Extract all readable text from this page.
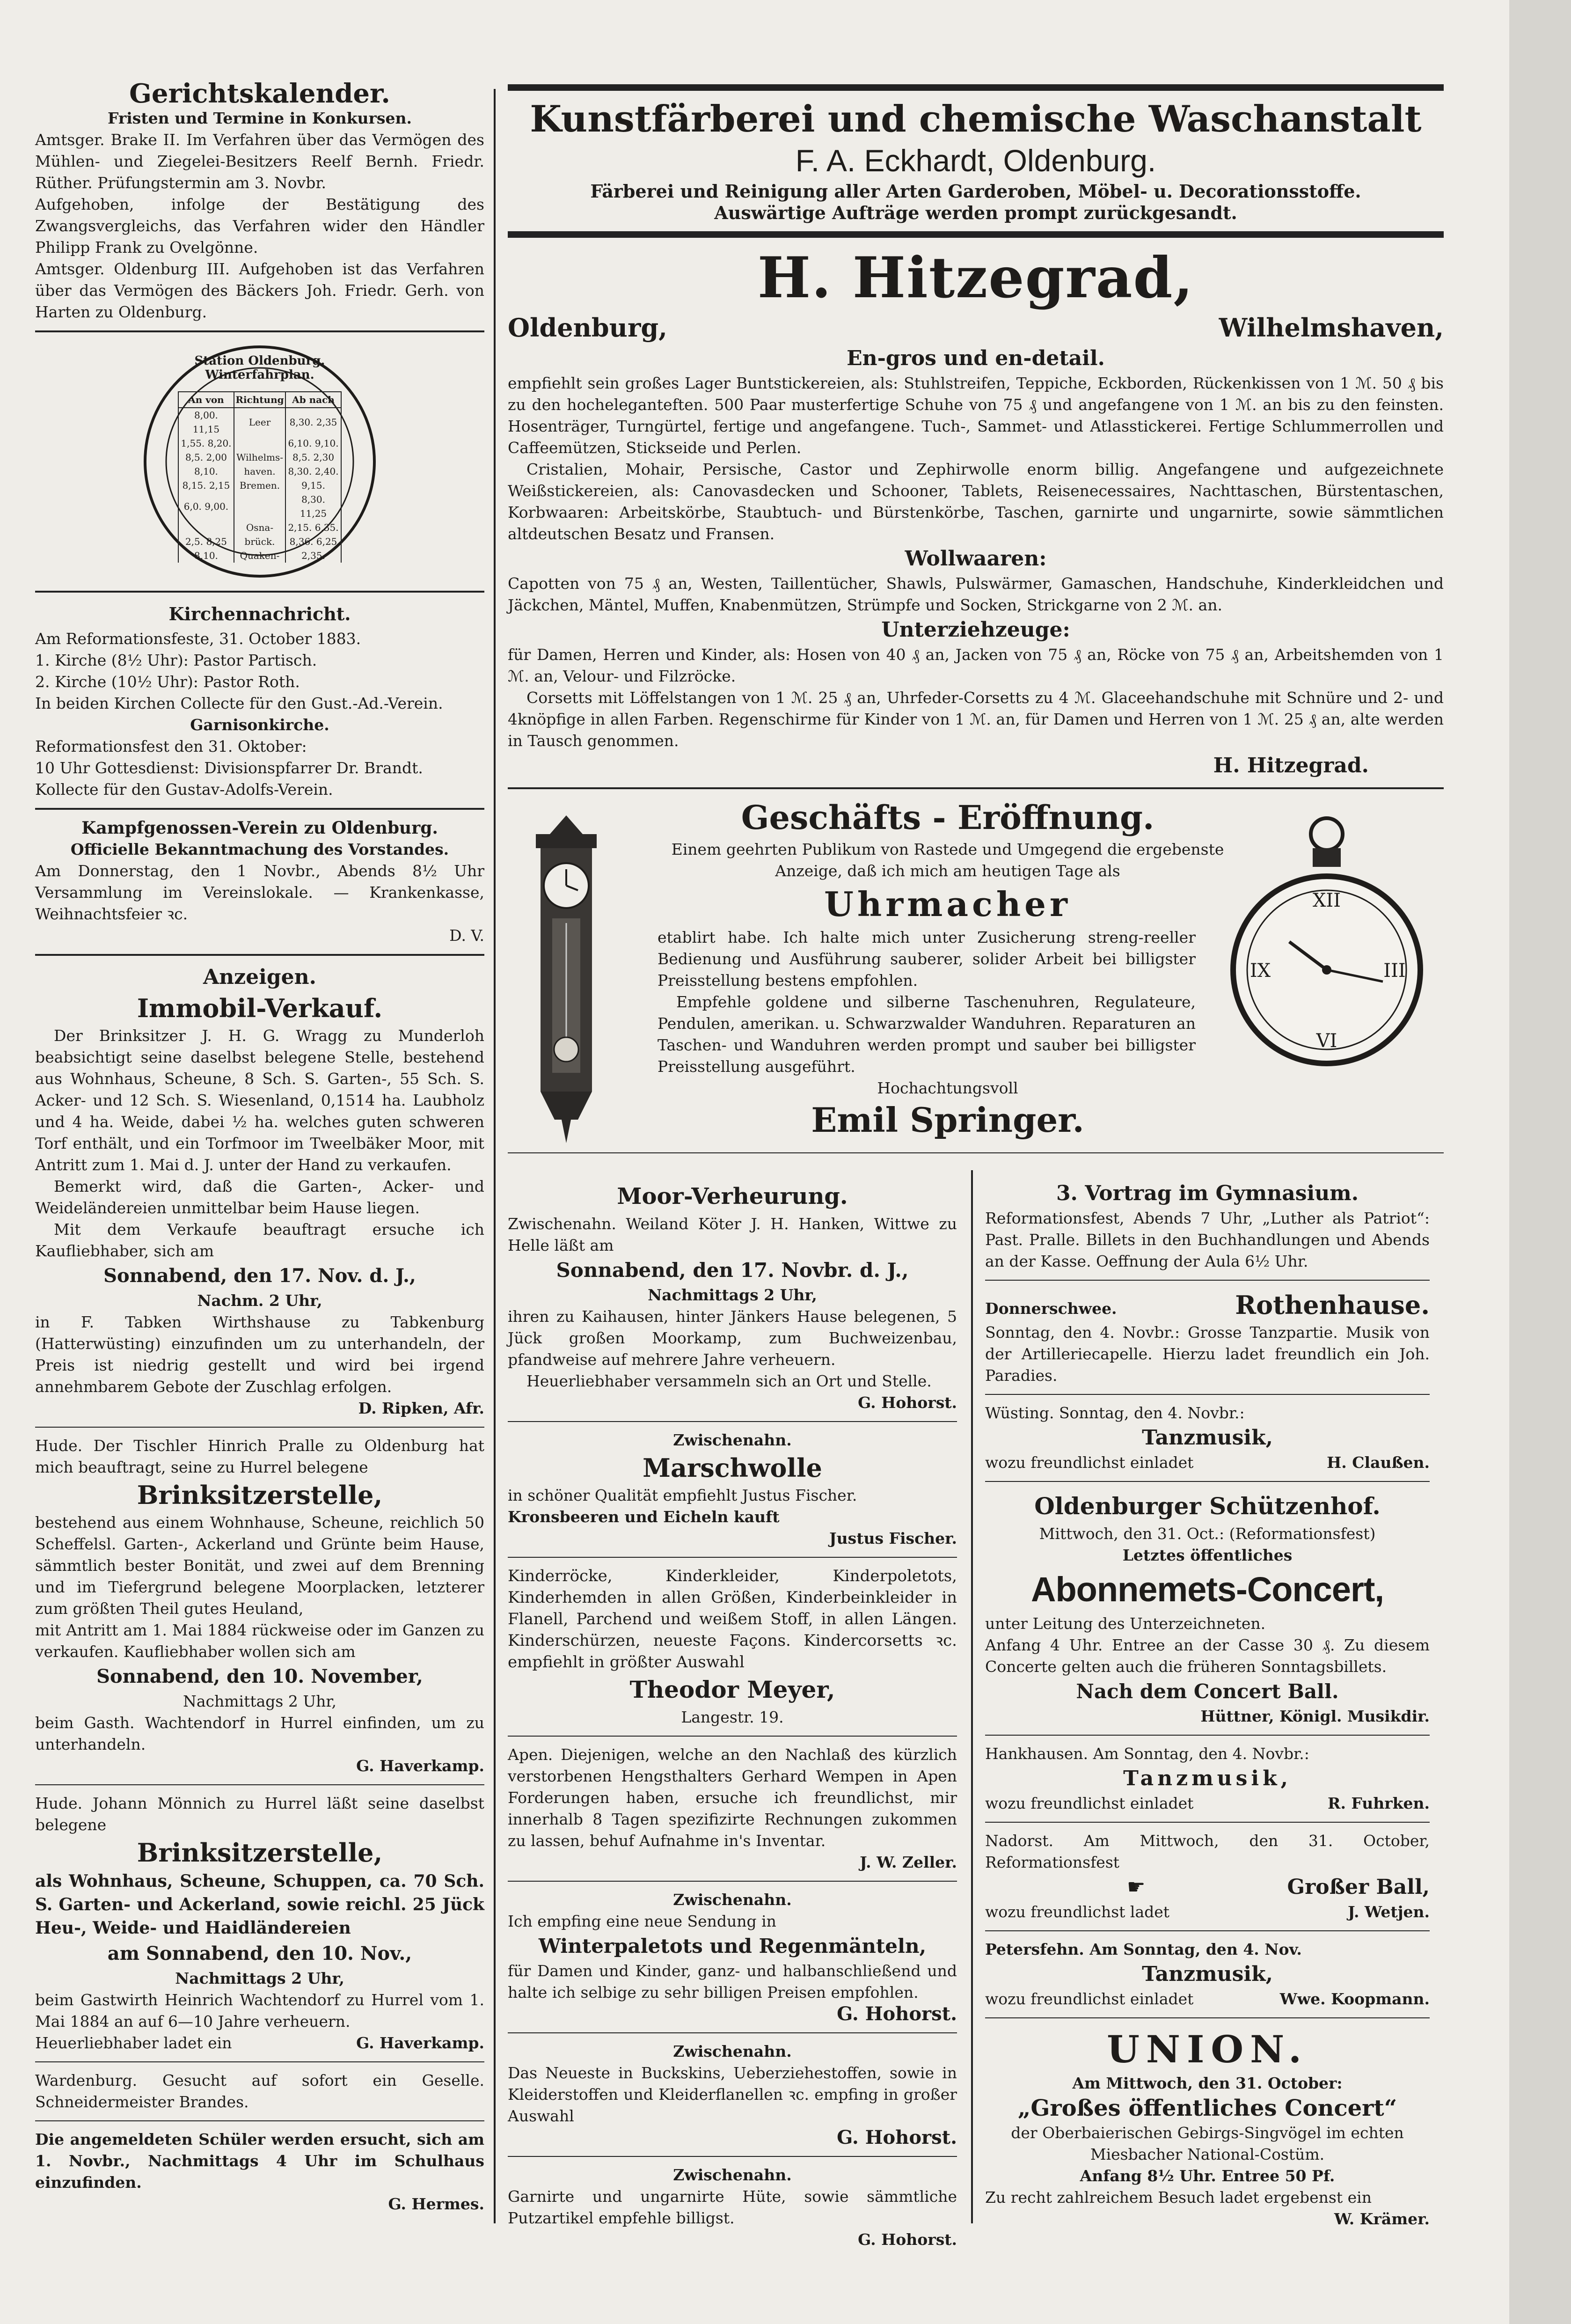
Gerichtskalender.

Fristen und Termine in Konkursen.

Amtsger. Brake II. Im Verfahren über das Vermögen des Mühlen- und Ziegelei-Besitzers Reelf Bernh. Friedr. Rüther. Prüfungstermin am 3. Novbr.

Aufgehoben, infolge der Bestätigung des Zwangsvergleichs, das Verfahren wider den Händler Philipp Frank zu Ovelgönne.

Amtsger. Oldenburg III. Aufgehoben ist das Verfahren über das Vermögen des Bäckers Joh. Friedr. Gerh. von Harten zu Oldenburg.

Station Oldenburg. Winterfahrplan.
An von	Richtung	Ab nach
8,00. 11,15	Leer	8,30. 2,35
1,55. 8,20.		6,10. 9,10.
8,5. 2,00	Wilhelms-	8,5. 2,30
8,10.	haven.	8,30. 2,40.
8,15. 2,15	Bremen.	9,15.
6,0. 9,00.		8,30. 11,25
	Osna-	2,15. 6,35.
2,5. 8,25	brück.	8,36. 6,25
8,10.	Quaken-	2,35.

Kirchennachricht.

Am Reformationsfeste, 31. October 1883.

1. Kirche (8½ Uhr): Pastor Partisch.

2. Kirche (10½ Uhr): Pastor Roth.

In beiden Kirchen Collecte für den Gust.-Ad.-Verein.

Garnisonkirche.

Reformationsfest den 31. Oktober:

10 Uhr Gottesdienst: Divisionspfarrer Dr. Brandt.

Kollecte für den Gustav-Adolfs-Verein.

Kampfgenossen-Verein zu Oldenburg.

Officielle Bekanntmachung des Vorstandes.

Am Donnerstag, den 1 Novbr., Abends 8½ Uhr Versammlung im Vereinslokale. — Krankenkasse, Weihnachtsfeier ꝛc.

D. V.

Anzeigen.

Immobil-Verkauf.

Der Brinksitzer J. H. G. Wragg zu Munderloh beabsichtigt seine daselbst belegene Stelle, bestehend aus Wohnhaus, Scheune, 8 Sch. S. Garten-, 55 Sch. S. Acker- und 12 Sch. S. Wiesenland, 0,1514 ha. Laubholz und 4 ha. Weide, dabei ½ ha. welches guten schweren Torf enthält, und ein Torfmoor im Tweelbäker Moor, mit Antritt zum 1. Mai d. J. unter der Hand zu verkaufen.

Bemerkt wird, daß die Garten-, Acker- und Weideländereien unmittelbar beim Hause liegen.

Mit dem Verkaufe beauftragt ersuche ich Kaufliebhaber, sich am

Sonnabend, den 17. Nov. d. J.,

Nachm. 2 Uhr,

in F. Tabken Wirthshause zu Tabkenburg (Hatterwüsting) einzufinden um zu unterhandeln, der Preis ist niedrig gestellt und wird bei irgend annehmbarem Gebote der Zuschlag erfolgen.

D. Ripken, Afr.

Hude. Der Tischler Hinrich Pralle zu Oldenburg hat mich beauftragt, seine zu Hurrel belegene

Brinksitzerstelle,

bestehend aus einem Wohnhause, Scheune, reichlich 50 Scheffelsl. Garten-, Ackerland und Grünte beim Hause, sämmtlich bester Bonität, und zwei auf dem Brenning und im Tiefergrund belegene Moorplacken, letzterer zum größten Theil gutes Heuland,

mit Antritt am 1. Mai 1884 rückweise oder im Ganzen zu verkaufen. Kaufliebhaber wollen sich am

Sonnabend, den 10. November,

Nachmittags 2 Uhr,

beim Gasth. Wachtendorf in Hurrel einfinden, um zu unterhandeln.

G. Haverkamp.

Hude. Johann Mönnich zu Hurrel läßt seine daselbst belegene

Brinksitzerstelle,

als Wohnhaus, Scheune, Schuppen, ca. 70 Sch. S. Garten- und Ackerland, sowie reichl. 25 Jück Heu-, Weide- und Haidländereien

am Sonnabend, den 10. Nov.,

Nachmittags 2 Uhr,

beim Gastwirth Heinrich Wachtendorf zu Hurrel vom 1. Mai 1884 an auf 6—10 Jahre verheuern.

Heuerliebhaber ladet ein	G. Haverkamp.

Wardenburg. Gesucht auf sofort ein Geselle. Schneidermeister Brandes.

Die angemeldeten Schüler werden ersucht, sich am 1. Novbr., Nachmittags 4 Uhr im Schulhaus einzufinden.

G. Hermes.

Kunstfärberei und chemische Waschanstalt

F. A. Eckhardt, Oldenburg.

Färberei und Reinigung aller Arten Garderoben, Möbel- u. Decorationsstoffe.

Auswärtige Aufträge werden prompt zurückgesandt.

H. Hitzegrad,

Oldenburg,	Wilhelmshaven,

En-gros und en-detail.

empfiehlt sein großes Lager Buntstickereien, als: Stuhlstreifen, Teppiche, Eckborden, Rückenkissen von 1 ℳ. 50 ₰ bis zu den hocheleganteften. 500 Paar musterfertige Schuhe von 75 ₰ und angefangene von 1 ℳ. an bis zu den feinsten. Hosenträger, Turngürtel, fertige und angefangene. Tuch-, Sammet- und Atlasstickerei. Fertige Schlummerrollen und Caffeemützen, Stickseide und Perlen.

Cristalien, Mohair, Persische, Castor und Zephirwolle enorm billig. Angefangene und aufgezeichnete Weißstickereien, als: Canovasdecken und Schooner, Tablets, Reisenecessaires, Nachttaschen, Bürstentaschen, Korbwaaren: Arbeitskörbe, Staubtuch- und Bürstenkörbe, Taschen, garnirte und ungarnirte, sowie sämmtlichen altdeutschen Besatz und Fransen.

Wollwaaren:

Capotten von 75 ₰ an, Westen, Taillentücher, Shawls, Pulswärmer, Gamaschen, Handschuhe, Kinderkleidchen und Jäckchen, Mäntel, Muffen, Knabenmützen, Strümpfe und Socken, Strickgarne von 2 ℳ. an.

Unterziehzeuge:

für Damen, Herren und Kinder, als: Hosen von 40 ₰ an, Jacken von 75 ₰ an, Röcke von 75 ₰ an, Arbeitshemden von 1 ℳ. an, Velour- und Filzröcke.

Corsetts mit Löffelstangen von 1 ℳ. 25 ₰ an, Uhrfeder-Corsetts zu 4 ℳ. Glaceehandschuhe mit Schnüre und 2- und 4knöpfige in allen Farben. Regenschirme für Kinder von 1 ℳ. an, für Damen und Herren von 1 ℳ. 25 ₰ an, alte werden in Tausch genommen.

H. Hitzegrad.

XII
III
VI
IX

Geschäfts - Eröffnung.

Einem geehrten Publikum von Rastede und Umgegend die ergebenste Anzeige, daß ich mich am heutigen Tage als

Uhrmacher

etablirt habe. Ich halte mich unter Zusicherung streng-reeller Bedienung und Ausführung sauberer, solider Arbeit bei billigster Preisstellung bestens empfohlen.

Empfehle goldene und silberne Taschenuhren, Regulateure, Pendulen, amerikan. u. Schwarzwalder Wanduhren. Reparaturen an Taschen- und Wanduhren werden prompt und sauber bei billigster Preisstellung ausgeführt.

Hochachtungsvoll

Emil Springer.

Moor-Verheurung.

Zwischenahn. Weiland Köter J. H. Hanken, Wittwe zu Helle läßt am

Sonnabend, den 17. Novbr. d. J.,

Nachmittags 2 Uhr,

ihren zu Kaihausen, hinter Jänkers Hause belegenen, 5 Jück großen Moorkamp, zum Buchweizenbau, pfandweise auf mehrere Jahre verheuern.

Heuerliebhaber versammeln sich an Ort und Stelle.

G. Hohorst.

Zwischenahn.

Marschwolle

in schöner Qualität empfiehlt Justus Fischer.

Kronsbeeren und Eicheln kauft

Justus Fischer.

Kinderröcke, Kinderkleider, Kinderpoletots, Kinderhemden in allen Größen, Kinderbeinkleider in Flanell, Parchend und weißem Stoff, in allen Längen. Kinderschürzen, neueste Façons. Kindercorsetts ꝛc. empfiehlt in größter Auswahl

Theodor Meyer,

Langestr. 19.

Apen. Diejenigen, welche an den Nachlaß des kürzlich verstorbenen Hengsthalters Gerhard Wempen in Apen Forderungen haben, ersuche ich freundlichst, mir innerhalb 8 Tagen spezifizirte Rechnungen zukommen zu lassen, behuf Aufnahme in's Inventar.

J. W. Zeller.

Zwischenahn.

Ich empfing eine neue Sendung in

Winterpaletots und Regenmänteln,

für Damen und Kinder, ganz- und halbanschließend und halte ich selbige zu sehr billigen Preisen empfohlen.

G. Hohorst.

Zwischenahn.

Das Neueste in Buckskins, Ueberziehestoffen, sowie in Kleiderstoffen und Kleiderflanellen ꝛc. empfing in großer Auswahl

G. Hohorst.

Zwischenahn.

Garnirte und ungarnirte Hüte, sowie sämmtliche Putzartikel empfehle billigst.

G. Hohorst.

3. Vortrag im Gymnasium.

Reformationsfest, Abends 7 Uhr, „Luther als Patriot“: Past. Pralle. Billets in den Buchhandlungen und Abends an der Kasse. Oeffnung der Aula 6½ Uhr.

Donnerschwee.	Rothenhause.

Sonntag, den 4. Novbr.: Grosse Tanzpartie. Musik von der Artilleriecapelle. Hierzu ladet freundlich ein Joh. Paradies.

Wüsting. Sonntag, den 4. Novbr.:

Tanzmusik,

wozu freundlichst einladet	H. Claußen.

Oldenburger Schützenhof.

Mittwoch, den 31. Oct.: (Reformationsfest)

Letztes öffentliches

Abonnemets-Concert,

unter Leitung des Unterzeichneten.

Anfang 4 Uhr. Entree an der Casse 30 ₰. Zu diesem Concerte gelten auch die früheren Sonntagsbillets.

Nach dem Concert Ball.

Hüttner, Königl. Musikdir.

Hankhausen. Am Sonntag, den 4. Novbr.:

Tanzmusik,

wozu freundlichst einladet	R. Fuhrken.

Nadorst. Am Mittwoch, den 31. October, Reformationsfest

☛	Großer Ball,
wozu freundlichst ladet	J. Wetjen.

Petersfehn. Am Sonntag, den 4. Nov.

Tanzmusik,

wozu freundlichst einladet	Wwe. Koopmann.

UNION.

Am Mittwoch, den 31. October:

„Großes öffentliches Concert“

der Oberbaierischen Gebirgs-Singvögel im echten Miesbacher National-Costüm.

Anfang 8½ Uhr. Entree 50 Pf.

Zu recht zahlreichem Besuch ladet ergebenst ein

W. Krämer.
